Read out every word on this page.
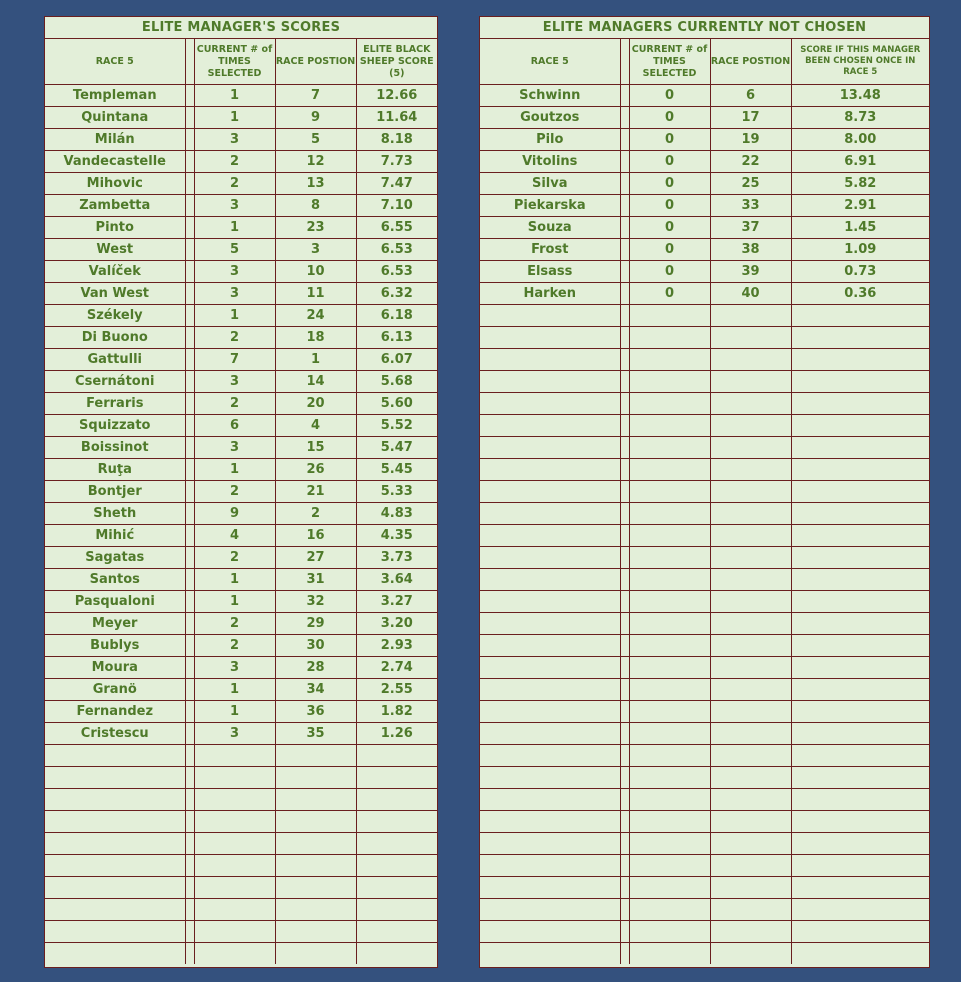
ELITE MANAGER'S SCORES				
RACE 5		CURRENT # of TIMES SELECTED	RACE POSTION	ELITE BLACK SHEEP SCORE (5)
Templeman		1	7	12.66
Quintana		1	9	11.64
Milán		3	5	8.18
Vandecastelle		2	12	7.73
Mihovic		2	13	7.47
Zambetta		3	8	7.10
Pinto		1	23	6.55
West		5	3	6.53
Valíček		3	10	6.53
Van West		3	11	6.32
Székely		1	24	6.18
Di Buono		2	18	6.13
Gattulli		7	1	6.07
Csernátoni		3	14	5.68
Ferraris		2	20	5.60
Squizzato		6	4	5.52
Boissinot		3	15	5.47
Ruţa		1	26	5.45
Bontjer		2	21	5.33
Sheth		9	2	4.83
Mihić		4	16	4.35
Sagatas		2	27	3.73
Santos		1	31	3.64
Pasqualoni		1	32	3.27
Meyer		2	29	3.20
Bublys		2	30	2.93
Moura		3	28	2.74
Granö		1	34	2.55
Fernandez		1	36	1.82
Cristescu		3	35	1.26

ELITE MANAGERS CURRENTLY NOT CHOSEN				
RACE 5		CURRENT # of TIMES SELECTED	RACE POSTION	SCORE IF THIS MANAGER BEEN CHOSEN ONCE IN RACE 5
Schwinn		0	6	13.48
Goutzos		0	17	8.73
Pilo		0	19	8.00
Vitolins		0	22	6.91
Silva		0	25	5.82
Piekarska		0	33	2.91
Souza		0	37	1.45
Frost		0	38	1.09
Elsass		0	39	0.73
Harken		0	40	0.36
